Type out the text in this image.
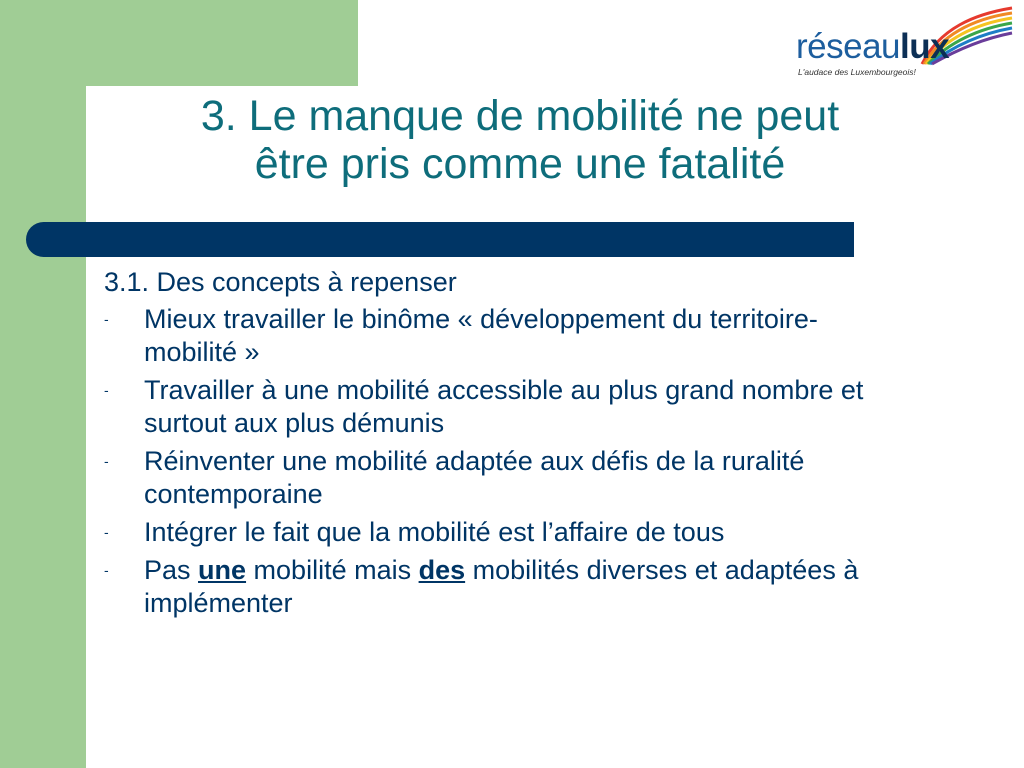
réseaulux

L'audace des Luxembourgeois!
3. Le manque de mobilité ne peut
être pris comme une fatalité

3.1. Des concepts à repenser

- Mieux travailler le binôme « développement du territoire- mobilité »
- Travailler à une mobilité accessible au plus grand nombre et surtout aux plus démunis
- Réinventer une mobilité adaptée aux défis de la ruralité contemporaine
- Intégrer le fait que la mobilité est l’affaire de tous
- Pas une mobilité mais des mobilités diverses et adaptées à implémenter
